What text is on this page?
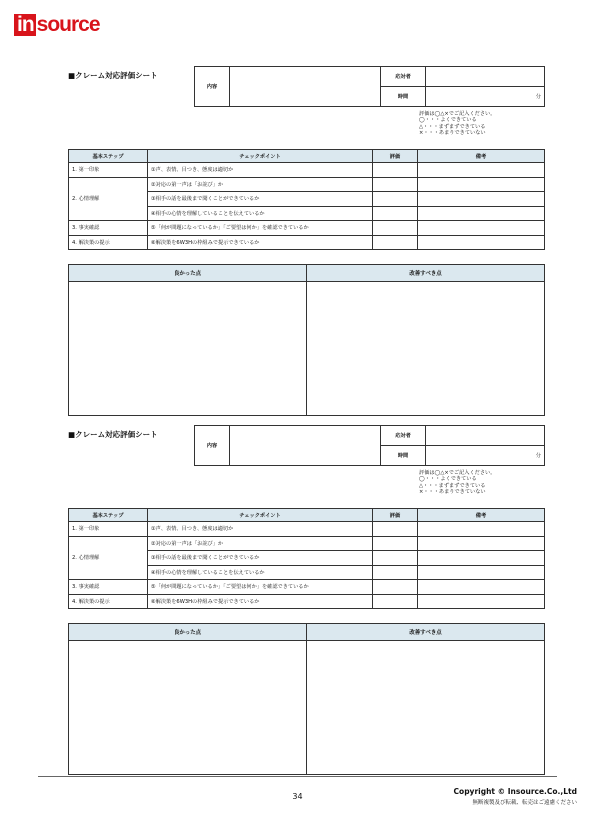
in source
■クレーム対応評価シート
内容		応対者	
		時間	分
評価は◯△×でご記入ください。
◯・・・よくできている
△・・・まずまずできている
×・・・あまりできていない
基本ステップ	チェックポイント	評価	備考
1. 第一印象	①声、表情、目つき、態度は適切か		
2. 心情理解	②対応の第一声は「お詫び」か		
	③相手の話を最後まで聞くことができているか		
	④相手の心情を理解していることを伝えているか		
3. 事実確認	⑤「何が問題になっているか」「ご要望は何か」を確認できているか		
4. 解決策の提示	⑥解決策を6W3Hの枠組みで提示できているか		
良かった点	改善すべき点

■クレーム対応評価シート
内容		応対者	
		時間	分
評価は◯△×でご記入ください。
◯・・・よくできている
△・・・まずまずできている
×・・・あまりできていない
基本ステップ	チェックポイント	評価	備考
1. 第一印象	①声、表情、目つき、態度は適切か		
2. 心情理解	②対応の第一声は「お詫び」か		
	③相手の話を最後まで聞くことができているか		
	④相手の心情を理解していることを伝えているか		
3. 事実確認	⑤「何が問題になっているか」「ご要望は何か」を確認できているか		
4. 解決策の提示	⑥解決策を6W3Hの枠組みで提示できているか		
良かった点	改善すべき点

34
Copyright © Insource.Co.,Ltd
無断複製及び転載、転売はご遠慮ください
